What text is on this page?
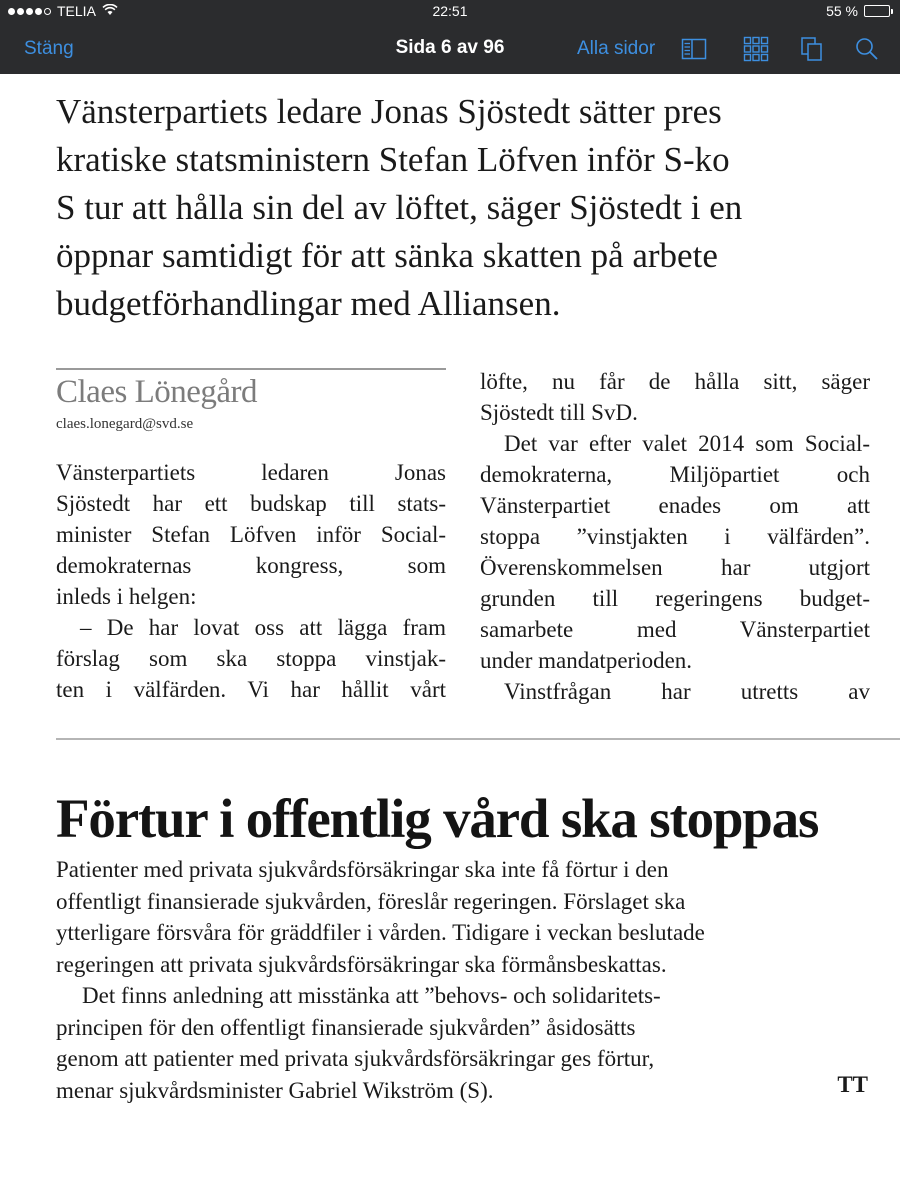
TELIA	22:51	55 %
Stäng	Sida 6 av 96	Alla sidor
Vänsterpartiets ledare Jonas Sjöstedt sätter pres
kratiske statsministern Stefan Löfven inför S-ko
S tur att hålla sin del av löftet, säger Sjöstedt i en
öppnar samtidigt för att sänka skatten på arbete
budgetförhandlingar med Alliansen.
Claes Lönegård
claes.lonegard@svd.se
Vänsterpartiets ledaren Jonas
Sjöstedt har ett budskap till stats-
minister Stefan Löfven inför Social-
demokraternas kongress, som
inleds i helgen:
– De har lovat oss att lägga fram
förslag som ska stoppa vinstjak-
ten i välfärden. Vi har hållit vårt
löfte, nu får de hålla sitt, säger
Sjöstedt till SvD.
Det var efter valet 2014 som Social-
demokraterna, Miljöpartiet och
Vänsterpartiet enades om att
stoppa ”vinstjakten i välfärden”.
Överenskommelsen har utgjort
grunden till regeringens budget-
samarbete med Vänsterpartiet
under mandatperioden.
Vinstfrågan har utretts av
Förtur i offentlig vård ska stoppas
Patienter med privata sjukvårdsförsäkringar ska inte få förtur i den
offentligt finansierade sjukvården, föreslår regeringen. Förslaget ska
ytterligare försvåra för gräddfiler i vården. Tidigare i veckan beslutade
regeringen att privata sjukvårdsförsäkringar ska förmånsbeskattas.
Det finns anledning att misstänka att ”behovs- och solidaritets-
principen för den offentligt finansierade sjukvården” åsidosätts
genom att patienter med privata sjukvårdsförsäkringar ges förtur,
menar sjukvårdsminister Gabriel Wikström (S).	TT
